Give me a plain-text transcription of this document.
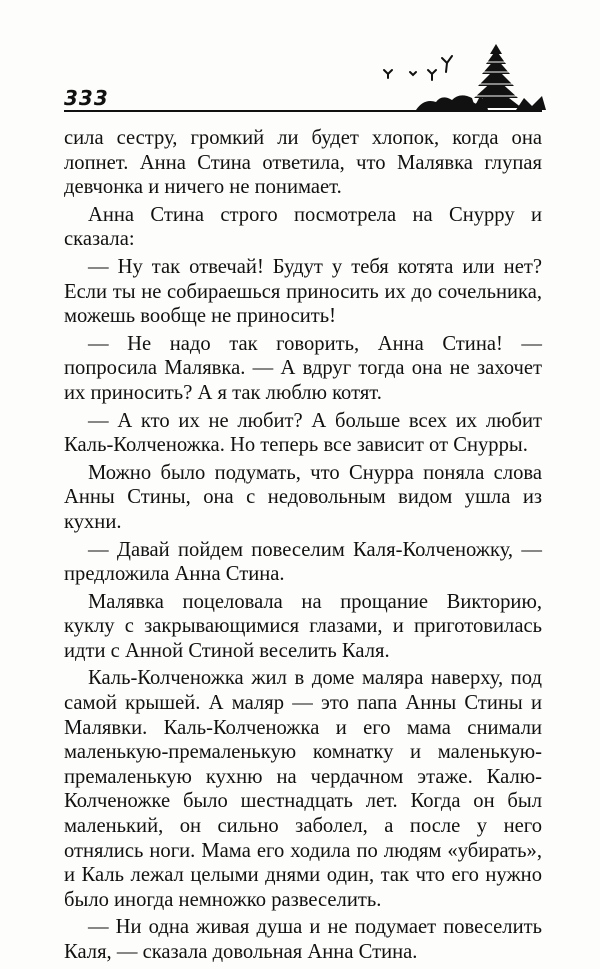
333

сила сестру, громкий ли будет хлопок, когда она лопнет. Анна Стина ответила, что Малявка глупая девчонка и ничего не понимает.

Анна Стина строго посмотрела на Снурру и сказала:

— Ну так отвечай! Будут у тебя котята или нет? Если ты не собираешься приносить их до сочельника, можешь вообще не приносить!

— Не надо так говорить, Анна Стина! — попросила Малявка. — А вдруг тогда она не захочет их приносить? А я так люблю котят.

— А кто их не любит? А больше всех их любит Каль-Колченожка. Но теперь все зависит от Снурры.

Можно было подумать, что Снурра поняла слова Анны Стины, она с недовольным видом ушла из кухни.

— Давай пойдем повеселим Каля-Колченожку, — предложила Анна Стина.

Малявка поцеловала на прощание Викторию, куклу с закрывающимися глазами, и приготовилась идти с Анной Стиной веселить Каля.

Каль-Колченожка жил в доме маляра наверху, под самой крышей. А маляр — это папа Анны Стины и Малявки. Каль-Колченожка и его мама снимали маленькую-премаленькую комнатку и маленькую-премаленькую кухню на чердачном этаже. Калю-Колченожке было шестнадцать лет. Когда он был маленький, он сильно заболел, а после у него отнялись ноги. Мама его ходила по людям «убирать», и Каль лежал целыми днями один, так что его нужно было иногда немножко развеселить.

— Ни одна живая душа и не подумает повеселить Каля, — сказала довольная Анна Стина.
